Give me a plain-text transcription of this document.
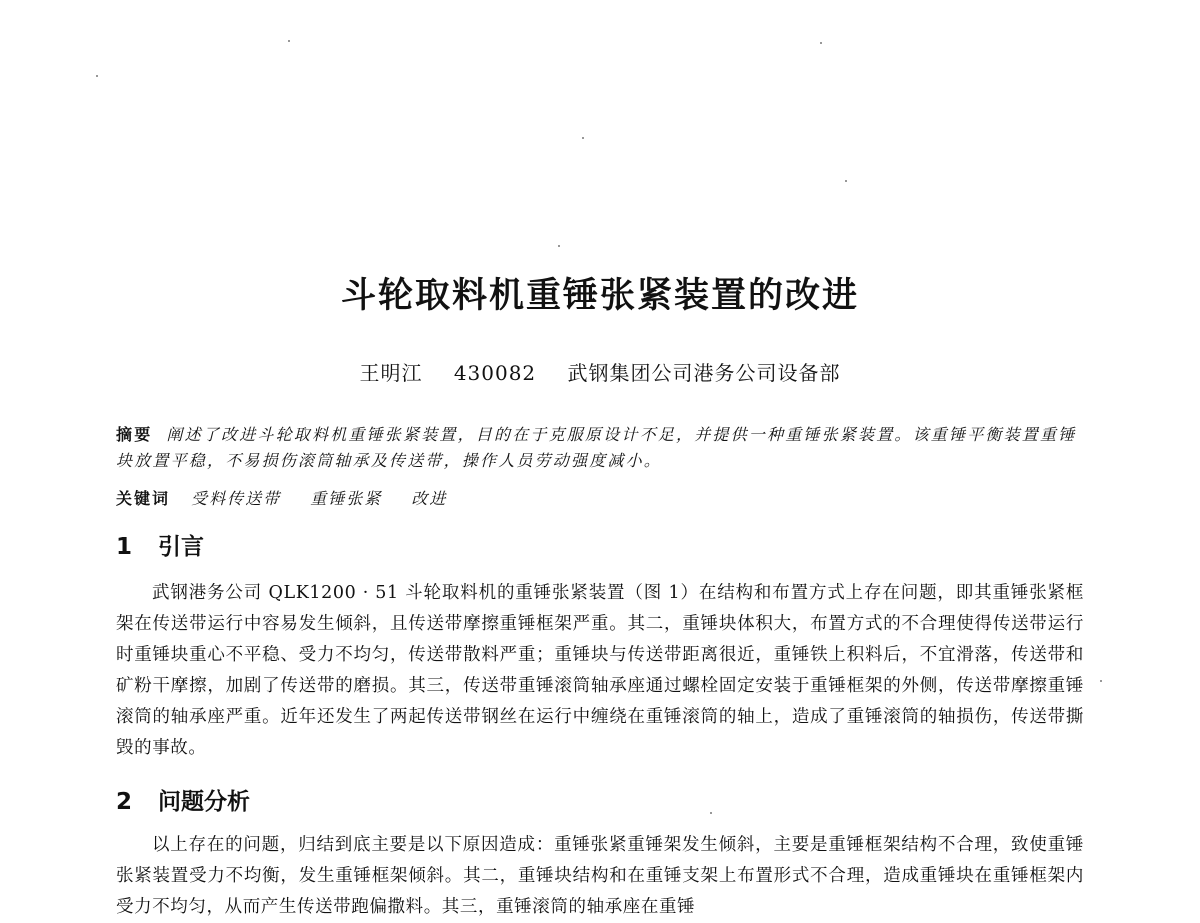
斗轮取料机重锤张紧装置的改进
王明江 430082 武钢集团公司港务公司设备部
摘要 阐述了改进斗轮取料机重锤张紧装置，目的在于克服原设计不足，并提供一种重锤张紧装置。该重锤平衡装置重锤块放置平稳，不易损伤滚筒轴承及传送带，操作人员劳动强度减小。
关键词 受料传送带 重锤张紧 改进
1 引言
武钢港务公司 QLK1200 · 51 斗轮取料机的重锤张紧装置（图 1）在结构和布置方式上存在问题，即其重锤张紧框架在传送带运行中容易发生倾斜，且传送带摩擦重锤框架严重。其二，重锤块体积大，布置方式的不合理使得传送带运行时重锤块重心不平稳、受力不均匀，传送带散料严重；重锤块与传送带距离很近，重锤铁上积料后，不宜滑落，传送带和矿粉干摩擦，加剧了传送带的磨损。其三，传送带重锤滚筒轴承座通过螺栓固定安装于重锤框架的外侧，传送带摩擦重锤滚筒的轴承座严重。近年还发生了两起传送带钢丝在运行中缠绕在重锤滚筒的轴上，造成了重锤滚筒的轴损伤，传送带撕毁的事故。
2 问题分析
以上存在的问题，归结到底主要是以下原因造成：重锤张紧重锤架发生倾斜，主要是重锤框架结构不合理，致使重锤张紧装置受力不均衡，发生重锤框架倾斜。其二，重锤块结构和在重锤支架上布置形式不合理，造成重锤块在重锤框架内受力不均匀，从而产生传送带跑偏撒料。其三，重锤滚筒的轴承座在重锤
